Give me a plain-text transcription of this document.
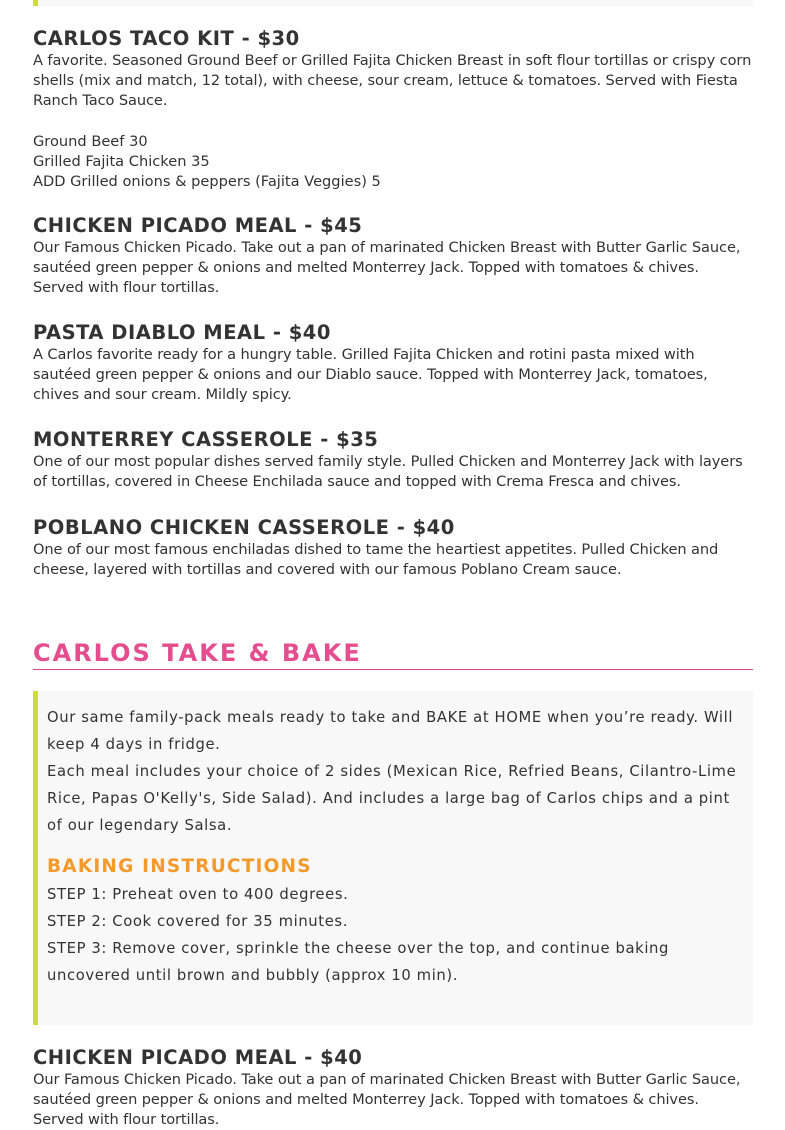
CARLOS TACO KIT - $30

A favorite. Seasoned Ground Beef or Grilled Fajita Chicken Breast in soft flour tortillas or crispy corn shells (mix and match, 12 total), with cheese, sour cream, lettuce & tomatoes. Served with Fiesta Ranch Taco Sauce.

Ground Beef 30
Grilled Fajita Chicken 35
ADD Grilled onions & peppers (Fajita Veggies) 5
CHICKEN PICADO MEAL - $45

Our Famous Chicken Picado. Take out a pan of marinated Chicken Breast with Butter Garlic Sauce, sautéed green pepper & onions and melted Monterrey Jack. Topped with tomatoes & chives. Served with flour tortillas.

PASTA DIABLO MEAL - $40

A Carlos favorite ready for a hungry table. Grilled Fajita Chicken and rotini pasta mixed with sautéed green pepper & onions and our Diablo sauce. Topped with Monterrey Jack, tomatoes, chives and sour cream. Mildly spicy.

MONTERREY CASSEROLE - $35

One of our most popular dishes served family style. Pulled Chicken and Monterrey Jack with layers of tortillas, covered in Cheese Enchilada sauce and topped with Crema Fresca and chives.

POBLANO CHICKEN CASSEROLE - $40

One of our most famous enchiladas dished to tame the heartiest appetites. Pulled Chicken and cheese, layered with tortillas and covered with our famous Poblano Cream sauce.

CARLOS TAKE & BAKE

Our same family-pack meals ready to take and BAKE at HOME when you’re ready. Will keep 4 days in fridge.

Each meal includes your choice of 2 sides (Mexican Rice, Refried Beans, Cilantro-Lime Rice, Papas O'Kelly's, Side Salad). And includes a large bag of Carlos chips and a pint of our legendary Salsa.

BAKING INSTRUCTIONS

STEP 1: Preheat oven to 400 degrees.

STEP 2: Cook covered for 35 minutes.

STEP 3: Remove cover, sprinkle the cheese over the top, and continue baking uncovered until brown and bubbly (approx 10 min).

CHICKEN PICADO MEAL - $40

Our Famous Chicken Picado. Take out a pan of marinated Chicken Breast with Butter Garlic Sauce, sautéed green pepper & onions and melted Monterrey Jack. Topped with tomatoes & chives. Served with flour tortillas.
